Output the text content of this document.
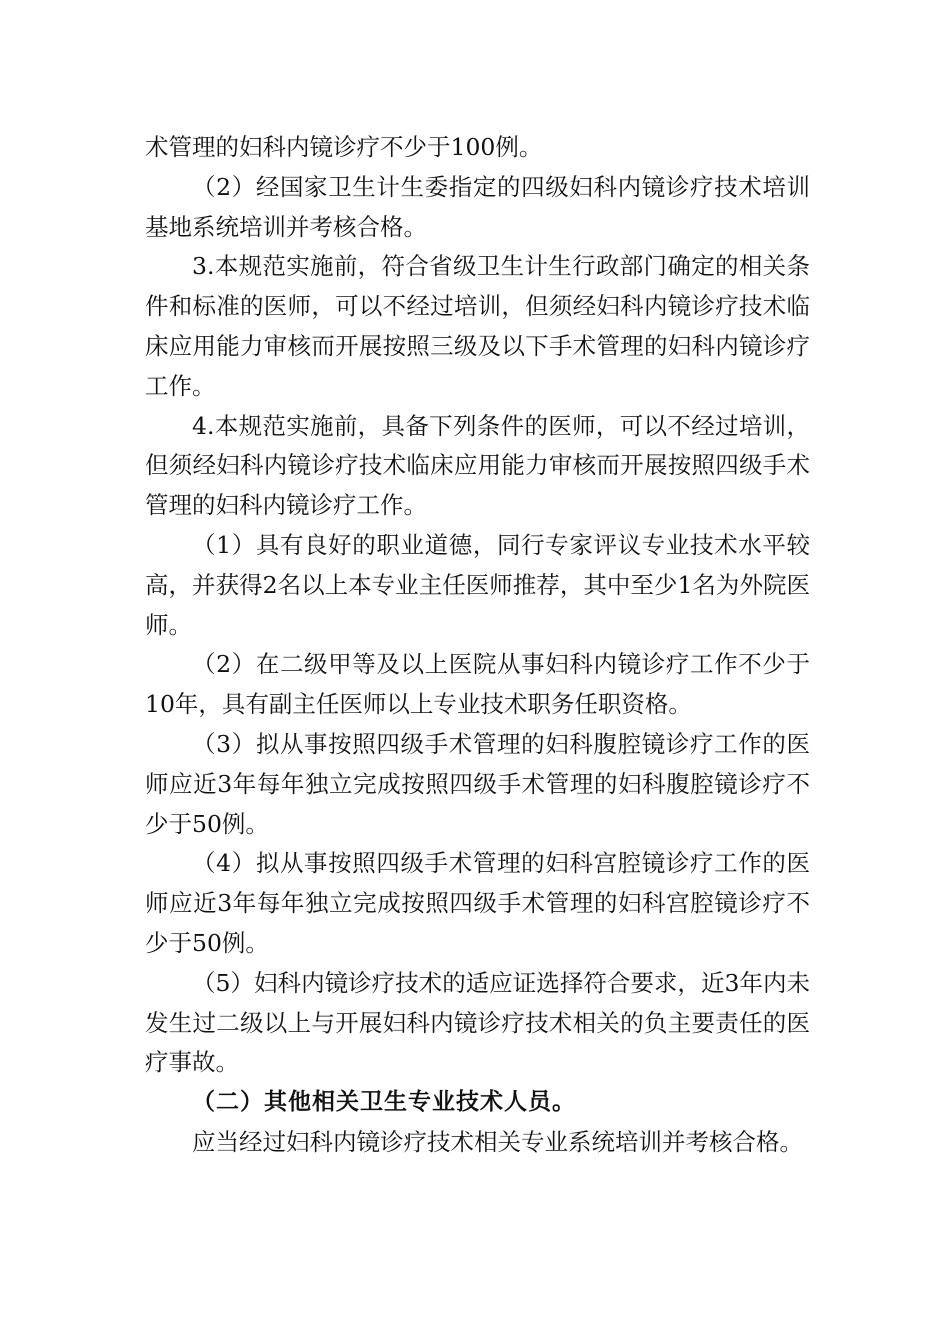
术管理的妇科内镜诊疗不少于100例。

（2）经国家卫生计生委指定的四级妇科内镜诊疗技术培训基地系统培训并考核合格。

3.本规范实施前，符合省级卫生计生行政部门确定的相关条件和标准的医师，可以不经过培训，但须经妇科内镜诊疗技术临床应用能力审核而开展按照三级及以下手术管理的妇科内镜诊疗工作。

4.本规范实施前，具备下列条件的医师，可以不经过培训，但须经妇科内镜诊疗技术临床应用能力审核而开展按照四级手术管理的妇科内镜诊疗工作。

（1）具有良好的职业道德，同行专家评议专业技术水平较高，并获得2名以上本专业主任医师推荐，其中至少1名为外院医师。

（2）在二级甲等及以上医院从事妇科内镜诊疗工作不少于10年，具有副主任医师以上专业技术职务任职资格。

（3）拟从事按照四级手术管理的妇科腹腔镜诊疗工作的医师应近3年每年独立完成按照四级手术管理的妇科腹腔镜诊疗不少于50例。

（4）拟从事按照四级手术管理的妇科宫腔镜诊疗工作的医师应近3年每年独立完成按照四级手术管理的妇科宫腔镜诊疗不少于50例。

（5）妇科内镜诊疗技术的适应证选择符合要求，近3年内未发生过二级以上与开展妇科内镜诊疗技术相关的负主要责任的医疗事故。

（二）其他相关卫生专业技术人员。

应当经过妇科内镜诊疗技术相关专业系统培训并考核合格。
